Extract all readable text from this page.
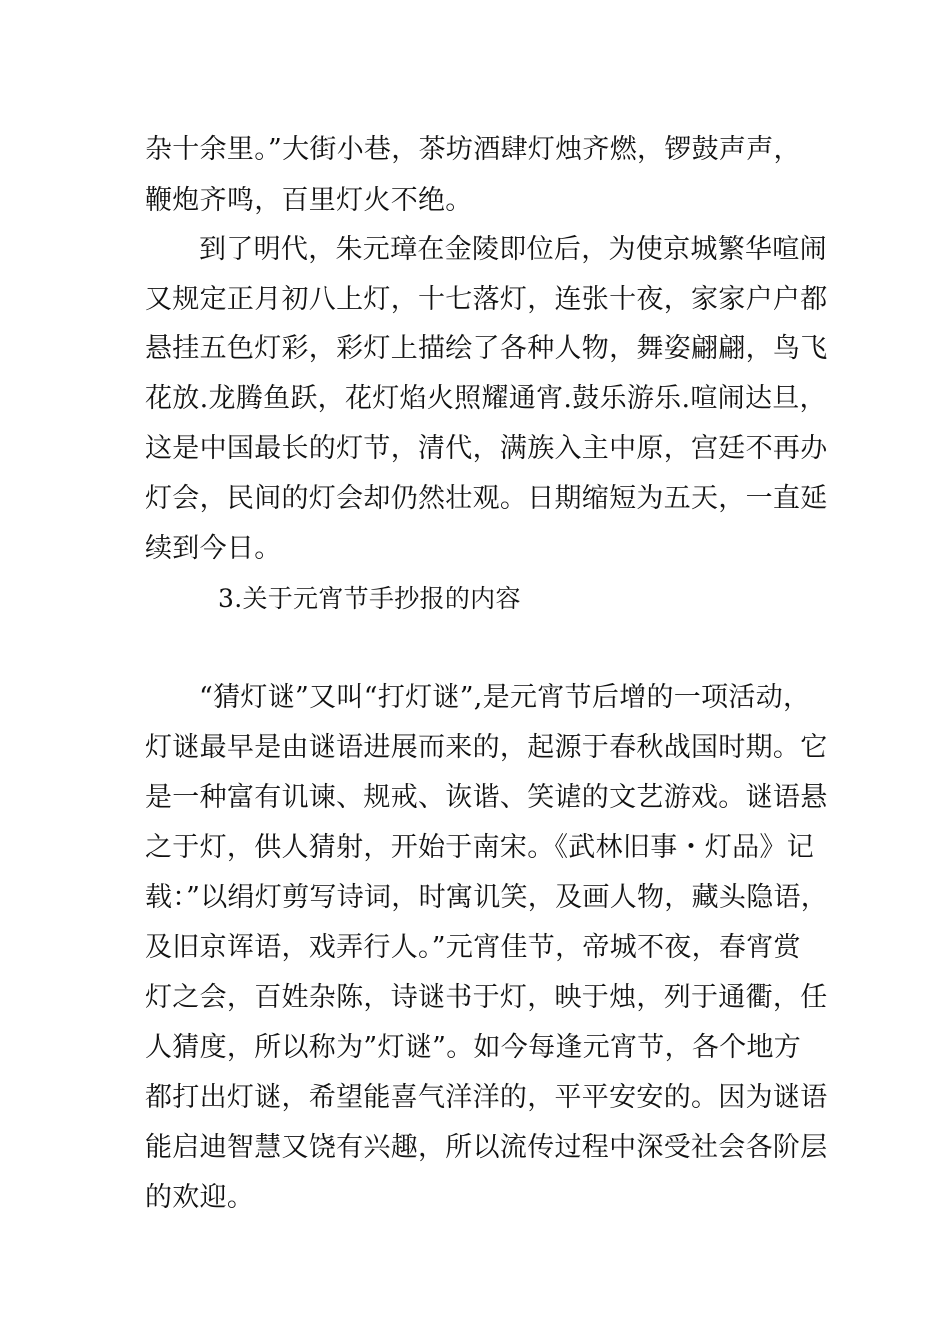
杂十余里。”大街小巷，茶坊酒肆灯烛齐燃，锣鼓声声，

鞭炮齐鸣，百里灯火不绝。

到了明代，朱元璋在金陵即位后，为使京城繁华喧闹

又规定正月初八上灯，十七落灯，连张十夜，家家户户都

悬挂五色灯彩，彩灯上描绘了各种人物，舞姿翩翩，鸟飞

花放.龙腾鱼跃，花灯焰火照耀通宵.鼓乐游乐.喧闹达旦，

这是中国最长的灯节，清代，满族入主中原，宫廷不再办

灯会，民间的灯会却仍然壮观。日期缩短为五天，一直延

续到今日。

3.关于元宵节手抄报的内容

“猜灯谜”又叫“打灯谜”,是元宵节后增的一项活动，

灯谜最早是由谜语进展而来的，起源于春秋战国时期。它

是一种富有讥谏、规戒、诙谐、笑谑的文艺游戏。谜语悬

之于灯，供人猜射，开始于南宋。《武林旧事・灯品》记

载：”以绢灯剪写诗词，时寓讥笑，及画人物，藏头隐语，

及旧京诨语，戏弄行人。”元宵佳节，帝城不夜，春宵赏

灯之会，百姓杂陈，诗谜书于灯，映于烛，列于通衢，任

人猜度，所以称为”灯谜”。如今每逢元宵节，各个地方

都打出灯谜，希望能喜气洋洋的，平平安安的。因为谜语

能启迪智慧又饶有兴趣，所以流传过程中深受社会各阶层

的欢迎。
